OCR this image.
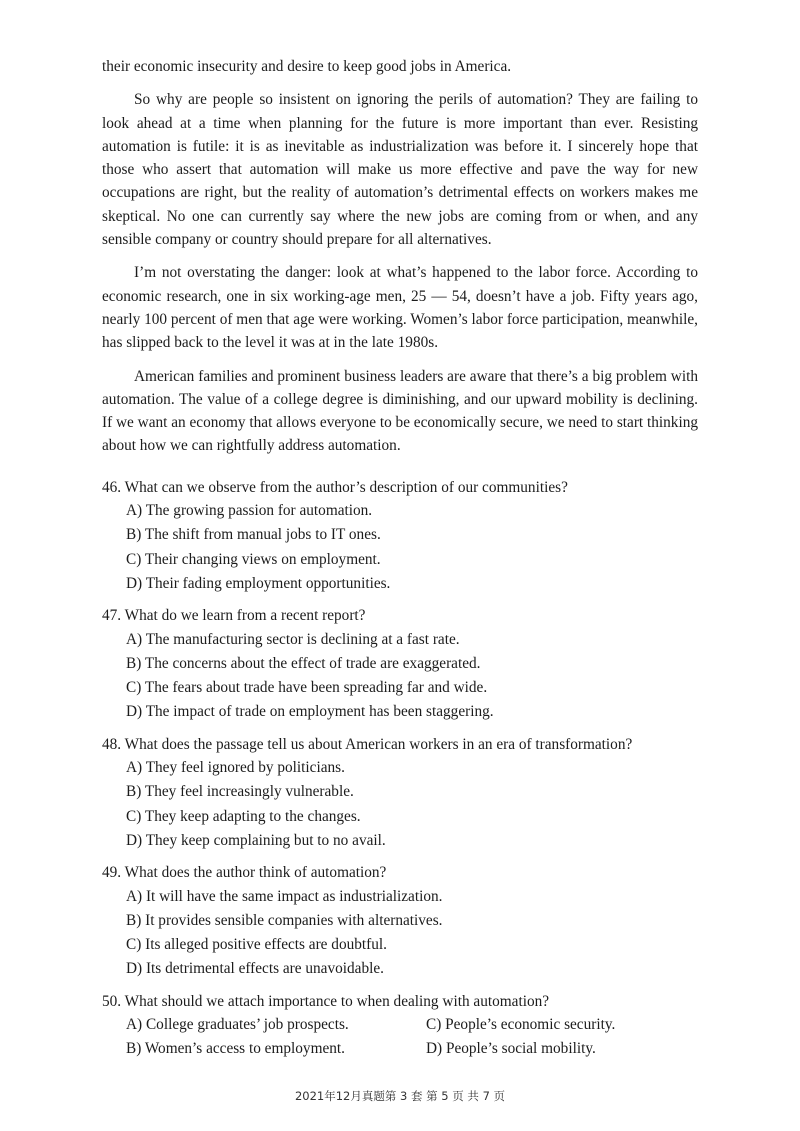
their economic insecurity and desire to keep good jobs in America.

So why are people so insistent on ignoring the perils of automation? They are failing to look ahead at a time when planning for the future is more important than ever. Resisting automation is futile: it is as inevitable as industrialization was before it. I sincerely hope that those who assert that automation will make us more effective and pave the way for new occupations are right, but the reality of automation’s detrimental effects on workers makes me skeptical. No one can currently say where the new jobs are coming from or when, and any sensible company or country should prepare for all alternatives.

I’m not overstating the danger: look at what’s happened to the labor force. According to economic research, one in six working-age men, 25 — 54, doesn’t have a job. Fifty years ago, nearly 100 percent of men that age were working. Women’s labor force participation, meanwhile, has slipped back to the level it was at in the late 1980s.

American families and prominent business leaders are aware that there’s a big problem with automation. The value of a college degree is diminishing, and our upward mobility is declining. If we want an economy that allows everyone to be economically secure, we need to start thinking about how we can rightfully address automation.

46. What can we observe from the author’s description of our communities?

A) The growing passion for automation.

B) The shift from manual jobs to IT ones.

C) Their changing views on employment.

D) Their fading employment opportunities.

47. What do we learn from a recent report?

A) The manufacturing sector is declining at a fast rate.

B) The concerns about the effect of trade are exaggerated.

C) The fears about trade have been spreading far and wide.

D) The impact of trade on employment has been staggering.

48. What does the passage tell us about American workers in an era of transformation?

A) They feel ignored by politicians.

B) They feel increasingly vulnerable.

C) They keep adapting to the changes.

D) They keep complaining but to no avail.

49. What does the author think of automation?

A) It will have the same impact as industrialization.

B) It provides sensible companies with alternatives.

C) Its alleged positive effects are doubtful.

D) Its detrimental effects are unavoidable.

50. What should we attach importance to when dealing with automation?

A) College graduates’ job prospects.	C) People’s economic security.
B) Women’s access to employment.	D) People’s social mobility.
2021年12月真题第 3 套 第 5 页 共 7 页
